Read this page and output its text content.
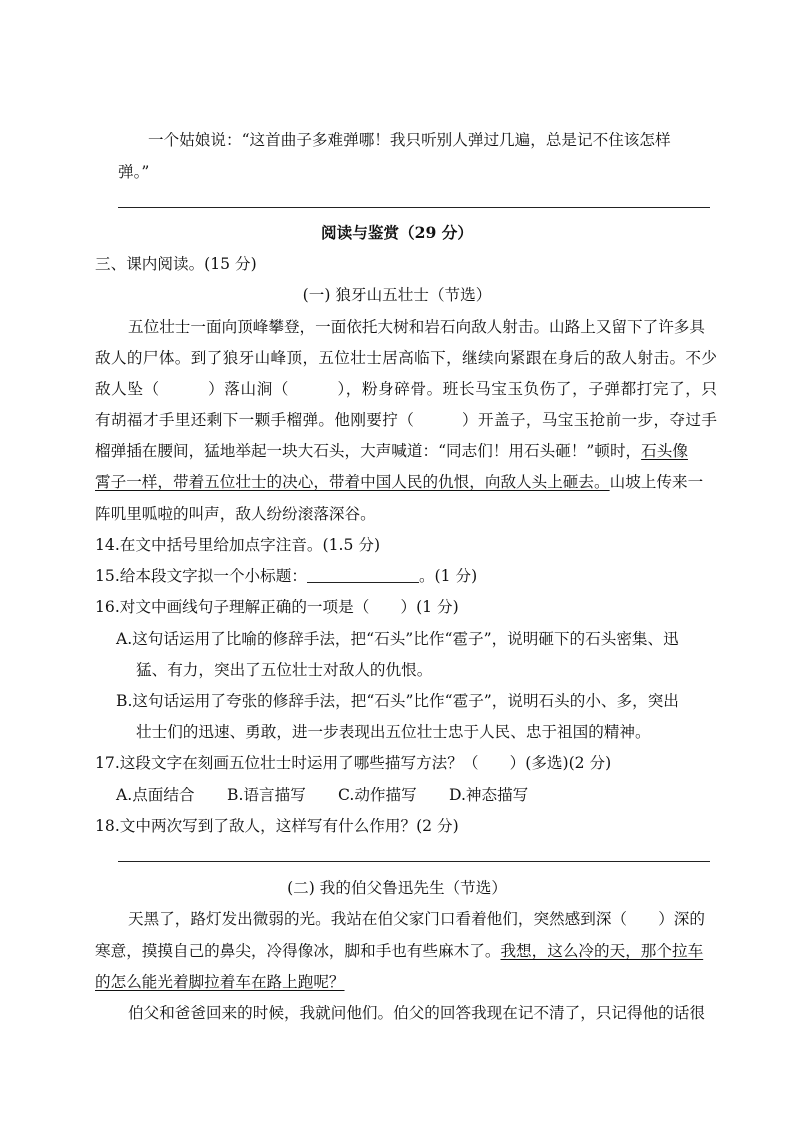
一个姑娘说：“这首曲子多难弹哪！我只听别人弹过几遍，总是记不住该怎样
弹。”
阅读与鉴赏（29 分）
三、课内阅读。(15 分)
(一) 狼牙山五壮士（节选）
五位壮士一面向顶峰攀登，一面依托大树和岩石向敌人射击。山路上又留下了许多具
敌人的尸体。到了狼牙山峰顶，五位壮士居高临下，继续向紧跟在身后的敌人射击。不少
敌人坠（　　　）落山涧（　　　），粉身碎骨。班长马宝玉负伤了，子弹都打完了，只
有胡福才手里还剩下一颗手榴弹。他刚要拧（　　　）开盖子，马宝玉抢前一步，夺过手
榴弹插在腰间，猛地举起一块大石头，大声喊道：“同志们！用石头砸！”顿时，石头像
霄子一样，带着五位壮士的决心，带着中国人民的仇恨，向敌人头上砸去。山坡上传来一
阵叽里呱啦的叫声，敌人纷纷滚落深谷。
14.在文中括号里给加点字注音。(1.5 分)
15.给本段文字拟一个小标题：	。(1 分)
16.对文中画线句子理解正确的一项是（　　）(1 分)
A.这句话运用了比喻的修辞手法，把“石头”比作“雹子”，说明砸下的石头密集、迅
猛、有力，突出了五位壮士对敌人的仇恨。
B.这句话运用了夸张的修辞手法，把“石头”比作“雹子”，说明石头的小、多，突出
壮士们的迅速、勇敢，进一步表现出五位壮士忠于人民、忠于祖国的精神。
17.这段文字在刻画五位壮士时运用了哪些描写方法？（　　）(多选)(2 分)
A.点面结合 B.语言描写 C.动作描写 D.神态描写
18.文中两次写到了敌人，这样写有什么作用？(2 分)
(二) 我的伯父鲁迅先生（节选）
天黑了，路灯发出微弱的光。我站在伯父家门口看着他们，突然感到深（　　）深的
寒意，摸摸自己的鼻尖，冷得像冰，脚和手也有些麻木了。我想，这么冷的天，那个拉车
的怎么能光着脚拉着车在路上跑呢？
伯父和爸爸回来的时候，我就问他们。伯父的回答我现在记不清了，只记得他的话很
